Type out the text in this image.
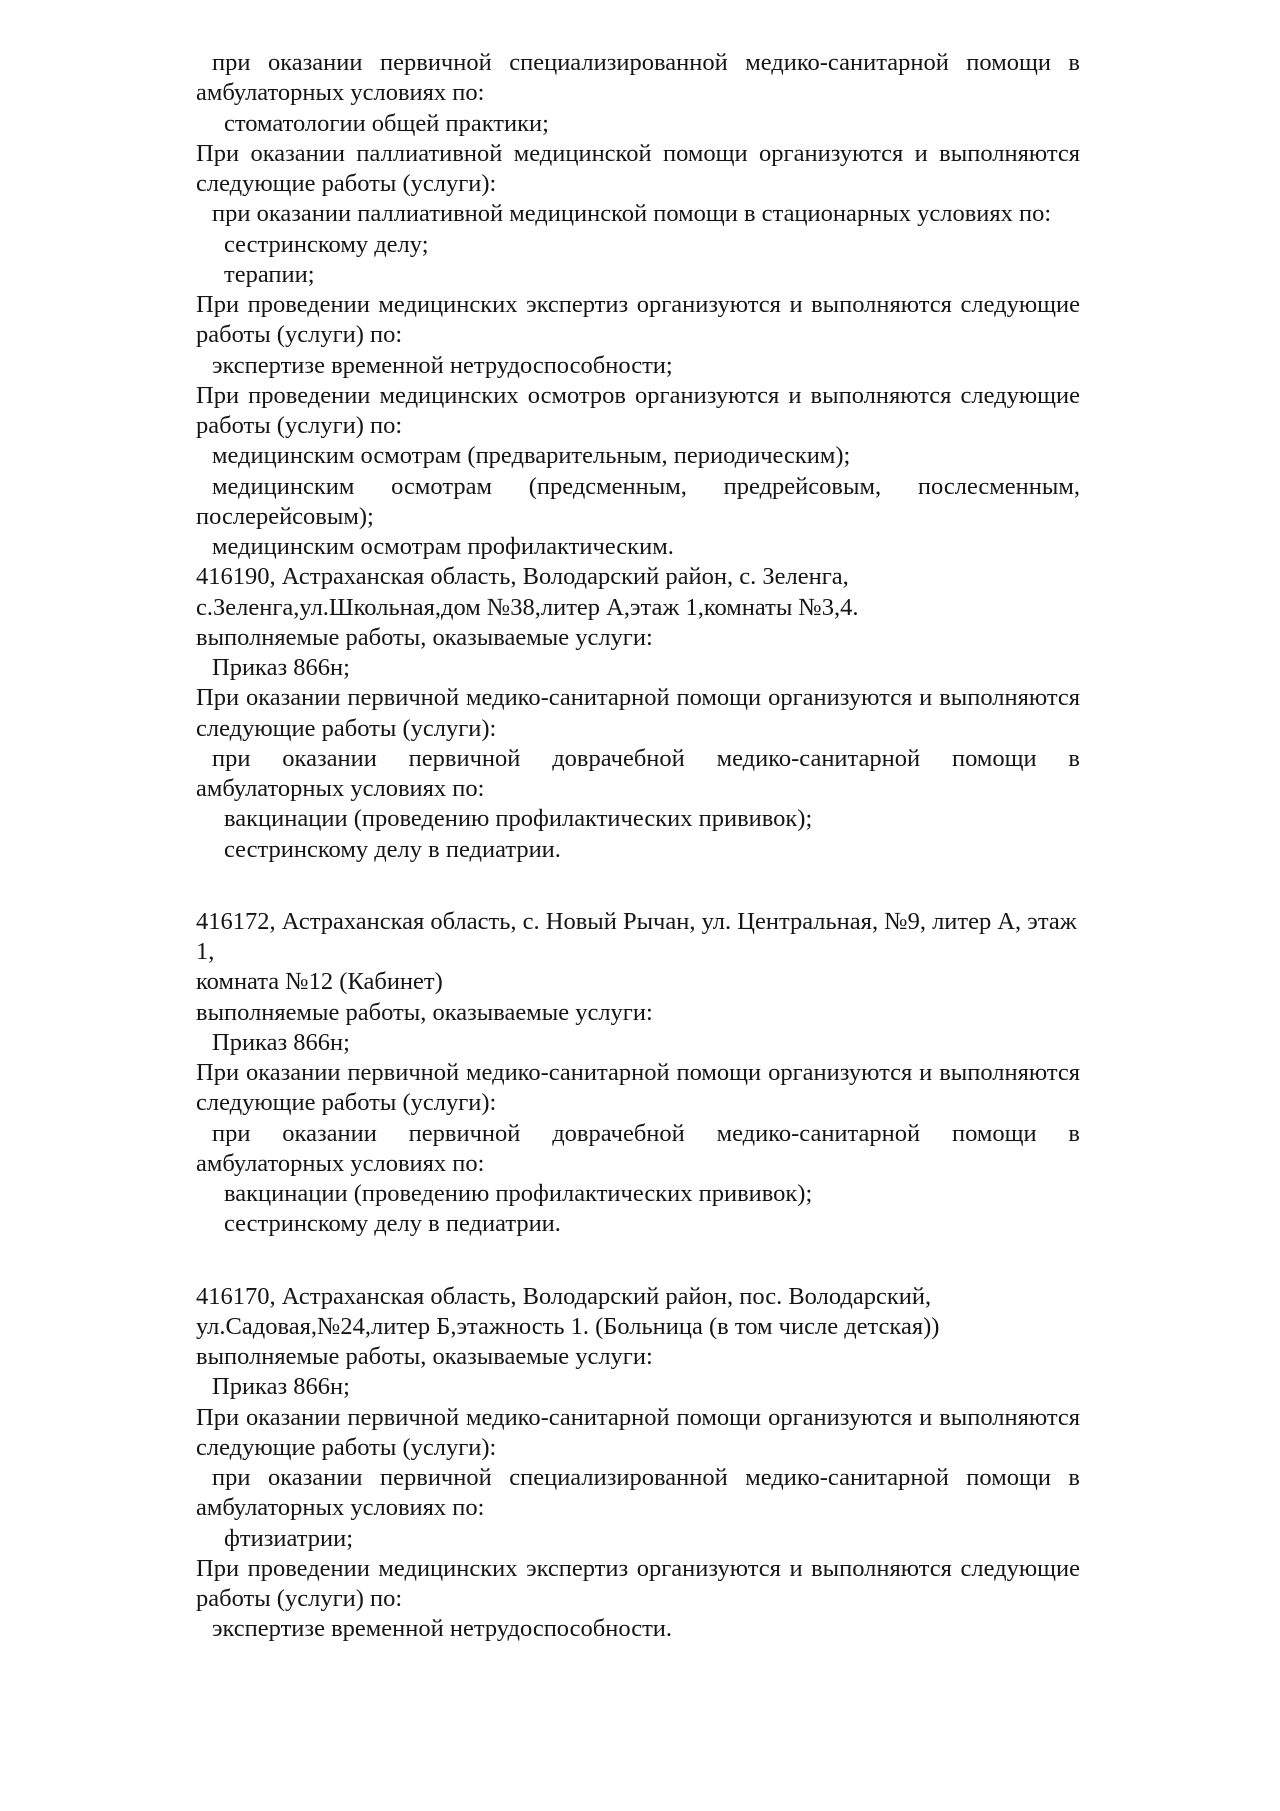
при оказании первичной специализированной медико-санитарной помощи в амбулаторных условиях по:

стоматологии общей практики;

При оказании паллиативной медицинской помощи организуются и выполняются следующие работы (услуги):

при оказании паллиативной медицинской помощи в стационарных условиях по:

сестринскому делу;

терапии;

При проведении медицинских экспертиз организуются и выполняются следующие работы (услуги) по:

экспертизе временной нетрудоспособности;

При проведении медицинских осмотров организуются и выполняются следующие работы (услуги) по:

медицинским осмотрам (предварительным, периодическим);

медицинским осмотрам (предсменным, предрейсовым, послесменным, послерейсовым);

медицинским осмотрам профилактическим.

416190, Астраханская область, Володарский район, с. Зеленга,

с.Зеленга,ул.Школьная,дом №38,литер А,этаж 1,комнаты №3,4.

выполняемые работы, оказываемые услуги:

Приказ 866н;

При оказании первичной медико-санитарной помощи организуются и выполняются следующие работы (услуги):

при оказании первичной доврачебной медико-санитарной помощи в амбулаторных условиях по:

вакцинации (проведению профилактических прививок);

сестринскому делу в педиатрии.

416172, Астраханская область, с. Новый Рычан, ул. Центральная, №9, литер А, этаж 1,

комната №12 (Кабинет)

выполняемые работы, оказываемые услуги:

Приказ 866н;

При оказании первичной медико-санитарной помощи организуются и выполняются следующие работы (услуги):

при оказании первичной доврачебной медико-санитарной помощи в амбулаторных условиях по:

вакцинации (проведению профилактических прививок);

сестринскому делу в педиатрии.

416170, Астраханская область, Володарский район, пос. Володарский,

ул.Садовая,№24,литер Б,этажность 1. (Больница (в том числе детская))

выполняемые работы, оказываемые услуги:

Приказ 866н;

При оказании первичной медико-санитарной помощи организуются и выполняются следующие работы (услуги):

при оказании первичной специализированной медико-санитарной помощи в амбулаторных условиях по:

фтизиатрии;

При проведении медицинских экспертиз организуются и выполняются следующие работы (услуги) по:

экспертизе временной нетрудоспособности.
